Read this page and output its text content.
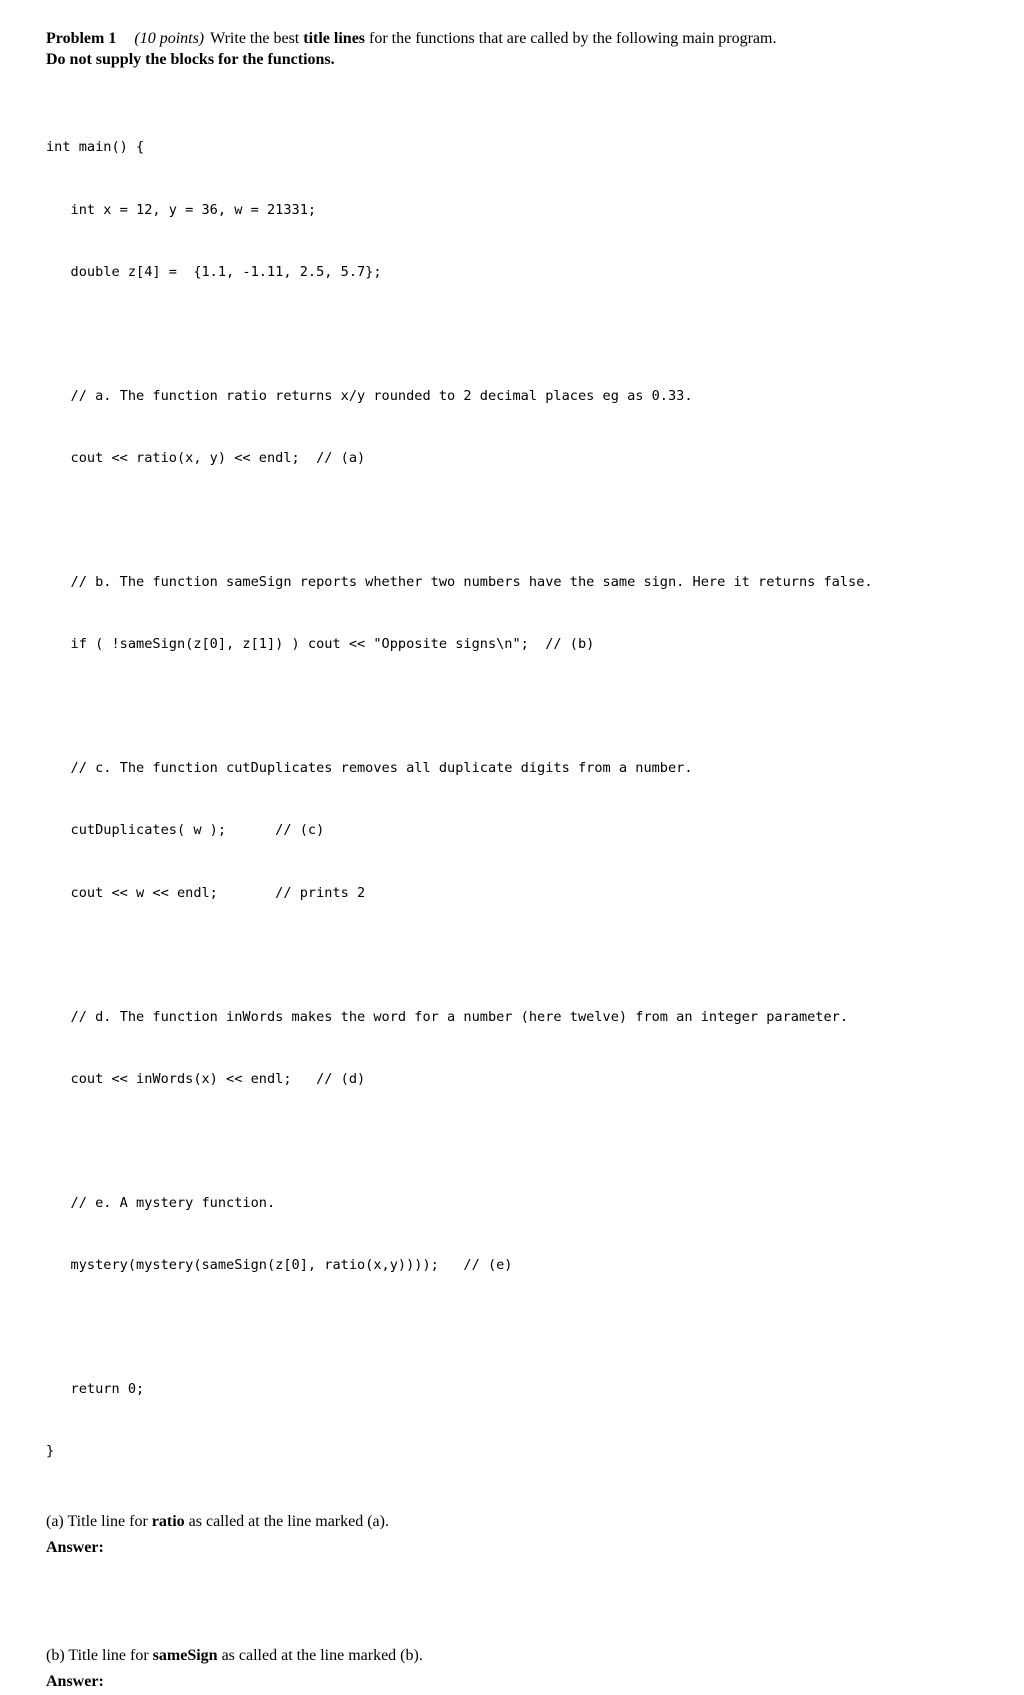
Problem 1 (10 points) Write the best title lines for the functions that are called by the following main program.
Do not supply the blocks for the functions.

int main() {

int x = 12, y = 36, w = 21331;

double z[4] =  {1.1, -1.11, 2.5, 5.7};

// a. The function ratio returns x/y rounded to 2 decimal places eg as 0.33.

cout << ratio(x, y) << endl;  // (a)

// b. The function sameSign reports whether two numbers have the same sign. Here it returns false.

if ( !sameSign(z[0], z[1]) ) cout << "Opposite signs\n";  // (b)

// c. The function cutDuplicates removes all duplicate digits from a number.

cutDuplicates( w );      // (c)

cout << w << endl;       // prints 2

// d. The function inWords makes the word for a number (here twelve) from an integer parameter.

cout << inWords(x) << endl;   // (d)

// e. A mystery function.

mystery(mystery(sameSign(z[0], ratio(x,y))));   // (e)

return 0;

}

(a) Title line for ratio as called at the line marked (a).
Answer:
(b) Title line for sameSign as called at the line marked (b).
Answer:
